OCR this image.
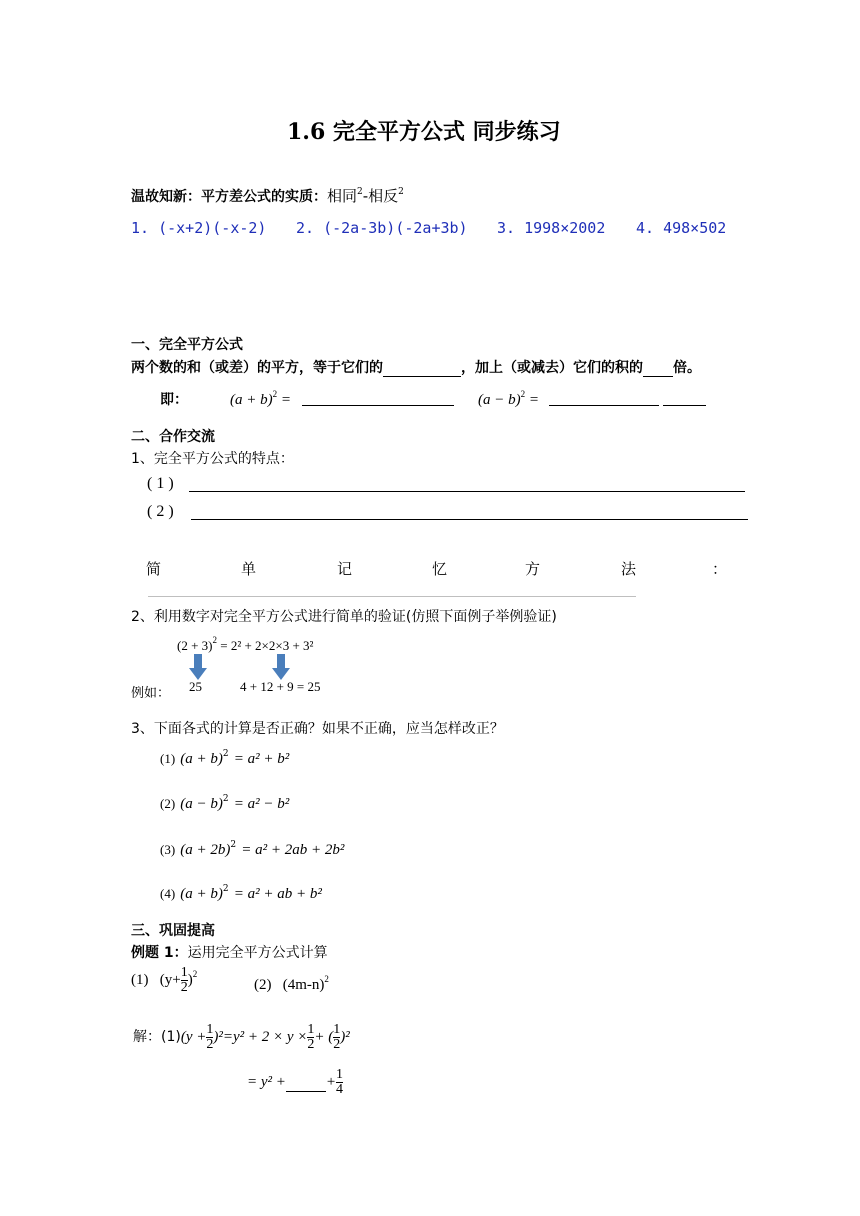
1.6 完全平方公式 同步练习
温故知新：平方差公式的实质：相同$^2$-相反$^2$
1. (-x+2)(-x-2) 2. (-2a-3b)(-2a+3b) 3. 1998×2002 4. 498×502
一、完全平方公式
两个数的和（或差）的平方，等于它们的	，加上（或减去）它们的积的 倍。
即：	$(a + b)^2$ =	$(a - b)^2$ =
二、合作交流
1、完全平方公式的特点：
( 1 )
( 2 )
简	单	记	忆	方	法	：
2、利用数字对完全平方公式进行简单的验证(仿照下面例子举例验证)
$(2 + 3)^2 = 2^2 + 2\times 2\times 3 + 3^2$
例如： 25	4 + 12 + 9 = 25
3、下面各式的计算是否正确？如果不正确，应当怎样改正？
(1) $(a + b)^2 = a^2 + b^2$
(2) $(a - b)^2 = a^2 - b^2$
(3) $(a + 2b)^2 = a^2 + 2ab + 2b^2$
(4) $(a + b)^2 = a^2$ + ab + b²
三、巩固提高
例题 1：运用完全平方公式计算
(1) $(y+ \frac{1}{2} )^2$
(2) $(4m-n)^2$
解：$(1)(y + \frac{1}{2} )^2=y^2 + 2 \times y \times \frac{1}{2}$ + ( $\frac{1}{2} )^2$
= y² +	+ $\frac{1}{4}$
